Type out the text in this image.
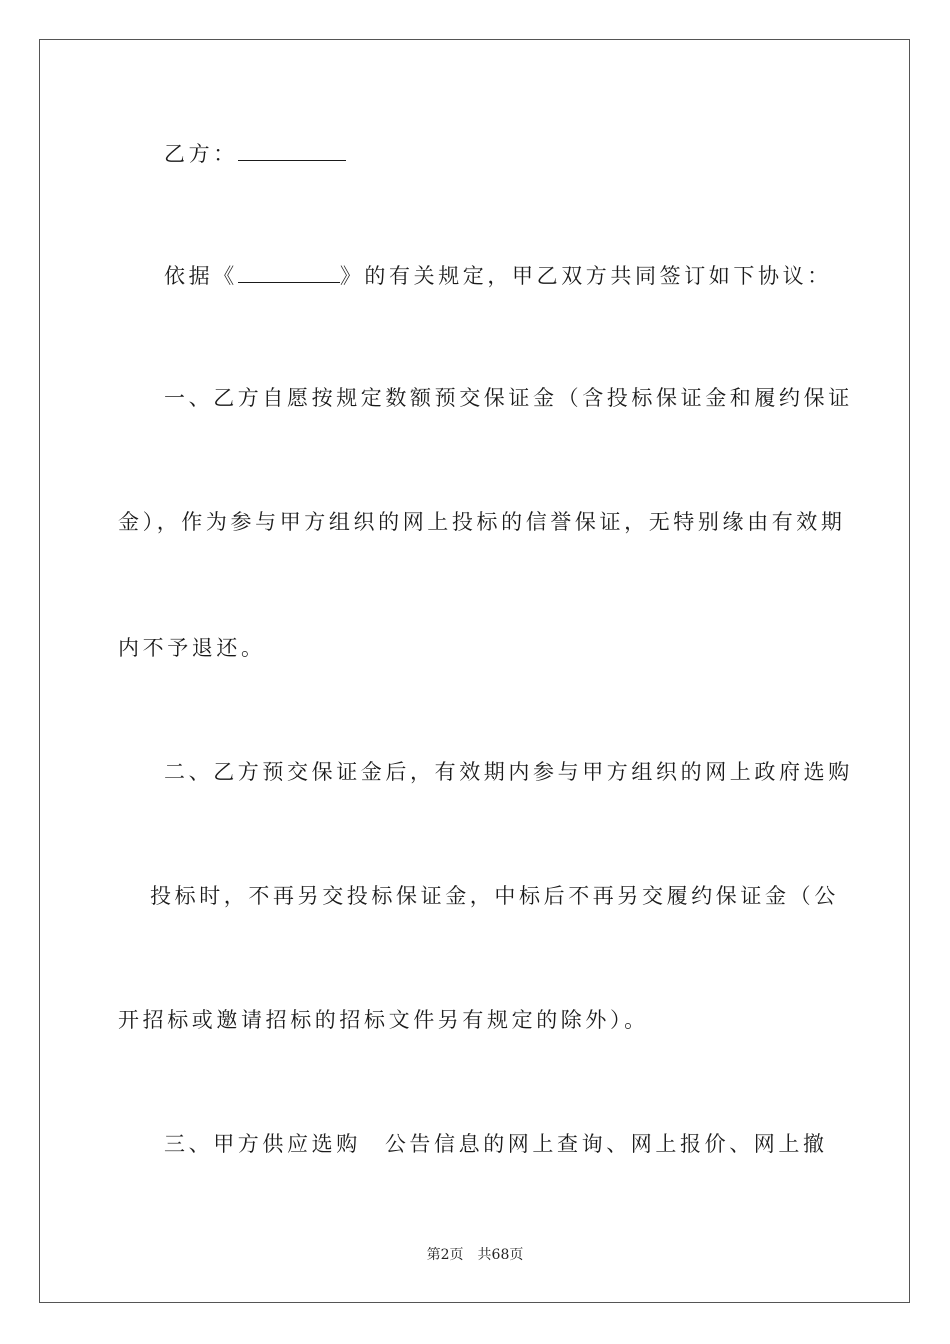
乙方：
依据《	》的有关规定，甲乙双方共同签订如下协议：
一、乙方自愿按规定数额预交保证金（含投标保证金和履约保证
金），作为参与甲方组织的网上投标的信誉保证，无特别缘由有效期
内不予退还。
二、乙方预交保证金后，有效期内参与甲方组织的网上政府选购
投标时，不再另交投标保证金，中标后不再另交履约保证金（公
开招标或邀请招标的招标文件另有规定的除外）。
三、甲方供应选购 公告信息的网上查询、网上报价、网上撤
第2页 共68页
